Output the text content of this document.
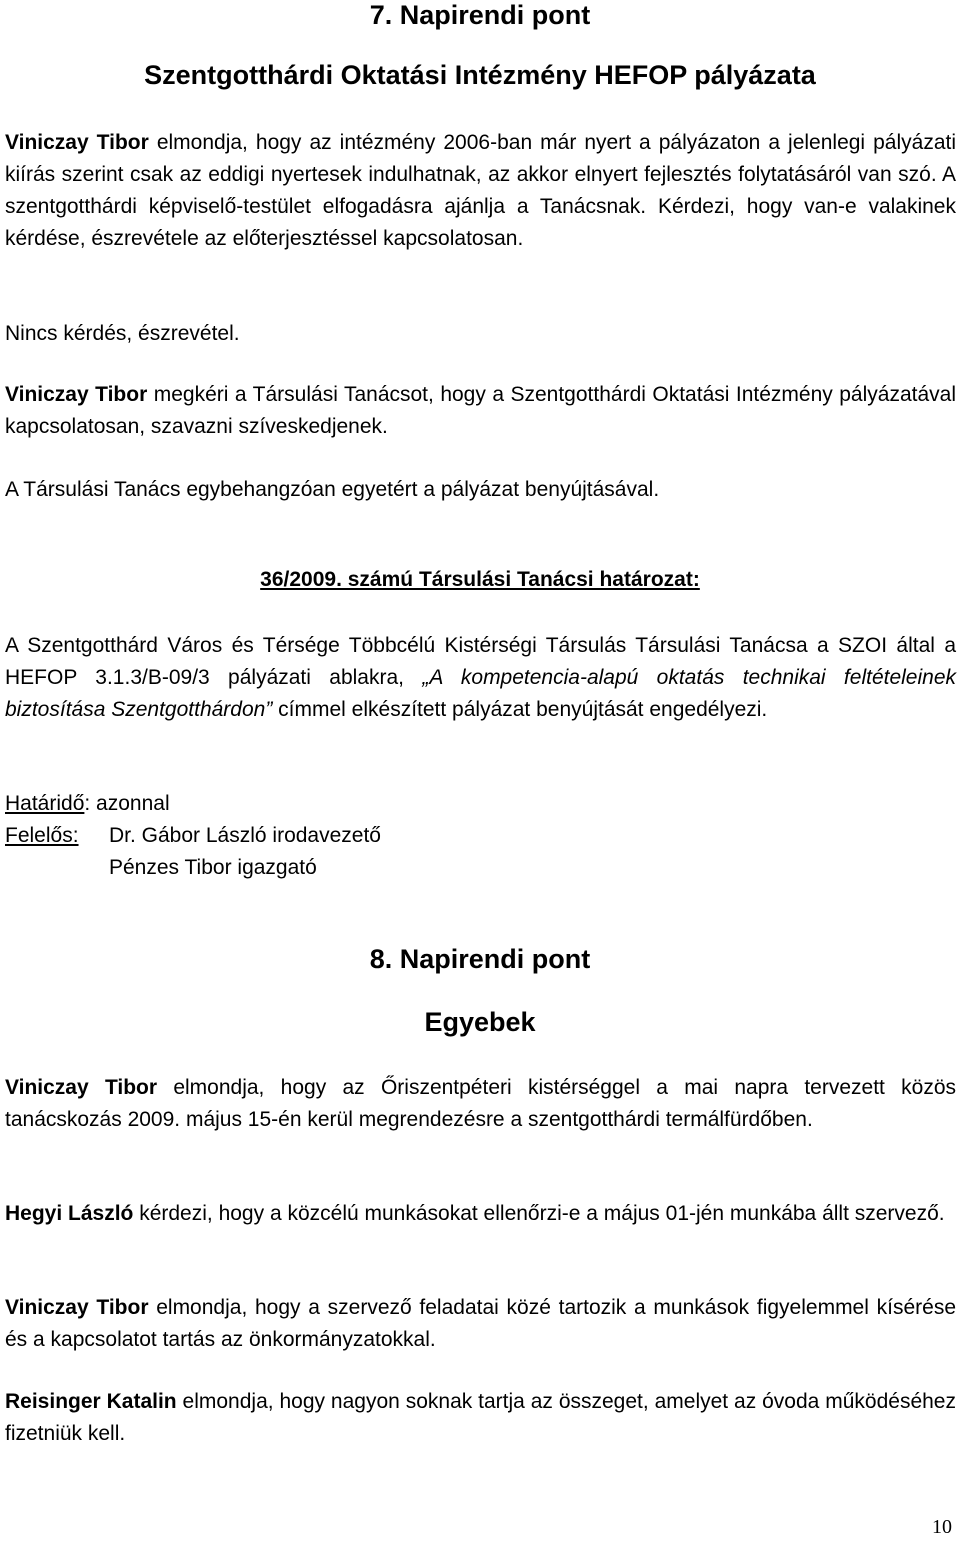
7. Napirendi pont
Szentgotthárdi Oktatási Intézmény HEFOP pályázata
Viniczay Tibor elmondja, hogy az intézmény 2006-ban már nyert a pályázaton a jelenlegi pályázati kiírás szerint csak az eddigi nyertesek indulhatnak, az akkor elnyert fejlesztés folytatásáról van szó. A szentgotthárdi képviselő-testület elfogadásra ajánlja a Tanácsnak. Kérdezi, hogy van-e valakinek kérdése, észrevétele az előterjesztéssel kapcsolatosan.
Nincs kérdés, észrevétel.
Viniczay Tibor megkéri a Társulási Tanácsot, hogy a Szentgotthárdi Oktatási Intézmény pályázatával kapcsolatosan, szavazni szíveskedjenek.
A Társulási Tanács egybehangzóan egyetért a pályázat benyújtásával.
36/2009. számú Társulási Tanácsi határozat:
A Szentgotthárd Város és Térsége Többcélú Kistérségi Társulás Társulási Tanácsa a SZOI által a HEFOP 3.1.3/B-09/3 pályázati ablakra, „A kompetencia-alapú oktatás technikai feltételeinek biztosítása Szentgotthárdon” címmel elkészített pályázat benyújtását engedélyezi.
Határidő: azonnal
Felelős: Dr. Gábor László irodavezető
Pénzes Tibor igazgató
8. Napirendi pont
Egyebek
Viniczay Tibor elmondja, hogy az Őriszentpéteri kistérséggel a mai napra tervezett közös tanácskozás 2009. május 15-én kerül megrendezésre a szentgotthárdi termálfürdőben.
Hegyi László kérdezi, hogy a közcélú munkásokat ellenőrzi-e a május 01-jén munkába állt szervező.
Viniczay Tibor elmondja, hogy a szervező feladatai közé tartozik a munkások figyelemmel kísérése és a kapcsolatot tartás az önkormányzatokkal.
Reisinger Katalin elmondja, hogy nagyon soknak tartja az összeget, amelyet az óvoda működéséhez fizetniük kell.
10
